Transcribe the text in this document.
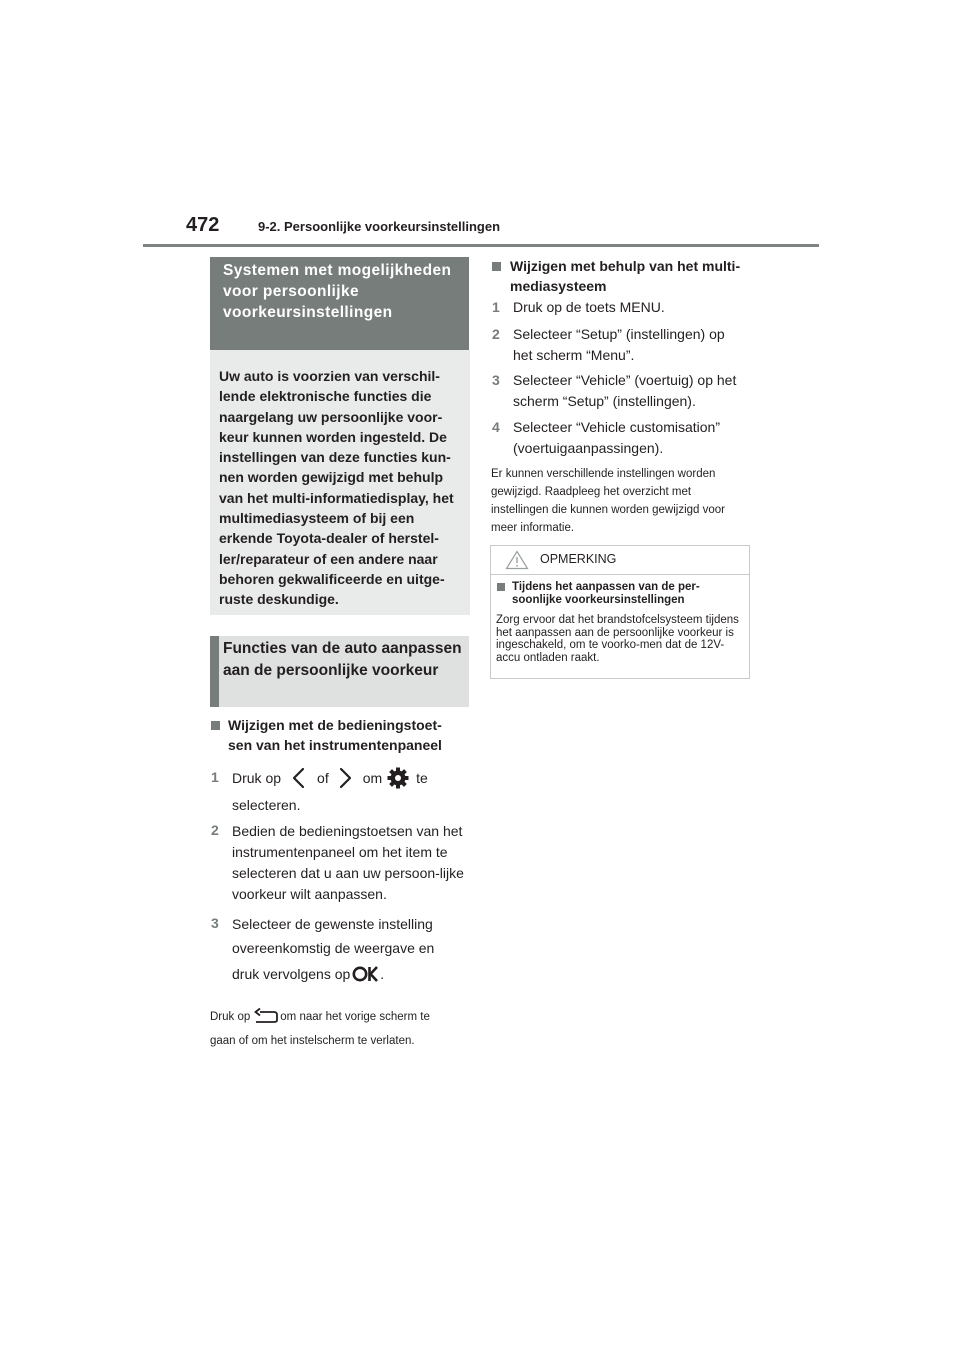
472	9-2. Persoonlijke voorkeursinstellingen
Systemen met mogelijkheden voor persoonlijke voorkeursinstellingen
Uw auto is voorzien van verschil-lende elektronische functies die naargelang uw persoonlijke voor-keur kunnen worden ingesteld. De instellingen van deze functies kun-nen worden gewijzigd met behulp van het multi-informatiedisplay, het multimediasysteem of bij een erkende Toyota-dealer of herstel-ler/reparateur of een andere naar behoren gekwalificeerde en uitge-ruste deskundige.
Functies van de auto aanpassen aan de persoonlijke voorkeur
Wijzigen met de bedieningstoet-
sen van het instrumentenpaneel
1 Druk op	of om te
selecteren.
2 Bedien de bedieningstoetsen van het instrumentenpaneel om het item te selecteren dat u aan uw persoon-lijke voorkeur wilt aanpassen.
3 Selecteer de gewenste instelling
overeenkomstig de weergave en
druk vervolgens op .
Druk op	om naar het vorige scherm te
gaan of om het instelscherm te verlaten.
Wijzigen met behulp van het multi-
mediasysteem
1 Druk op de toets MENU.
2 Selecteer “Setup” (instellingen) op het scherm “Menu”.
3 Selecteer “Vehicle” (voertuig) op het scherm “Setup” (instellingen).
4 Selecteer “Vehicle customisation” (voertuigaanpassingen).
Er kunnen verschillende instellingen worden gewijzigd. Raadpleeg het overzicht met instellingen die kunnen worden gewijzigd voor meer informatie.
OPMERKING
Tijdens het aanpassen van de per-soonlijke voorkeursinstellingen
Zorg ervoor dat het brandstofcelsysteem tijdens het aanpassen aan de persoonlijke voorkeur is ingeschakeld, om te voorko-men dat de 12V-accu ontladen raakt.
